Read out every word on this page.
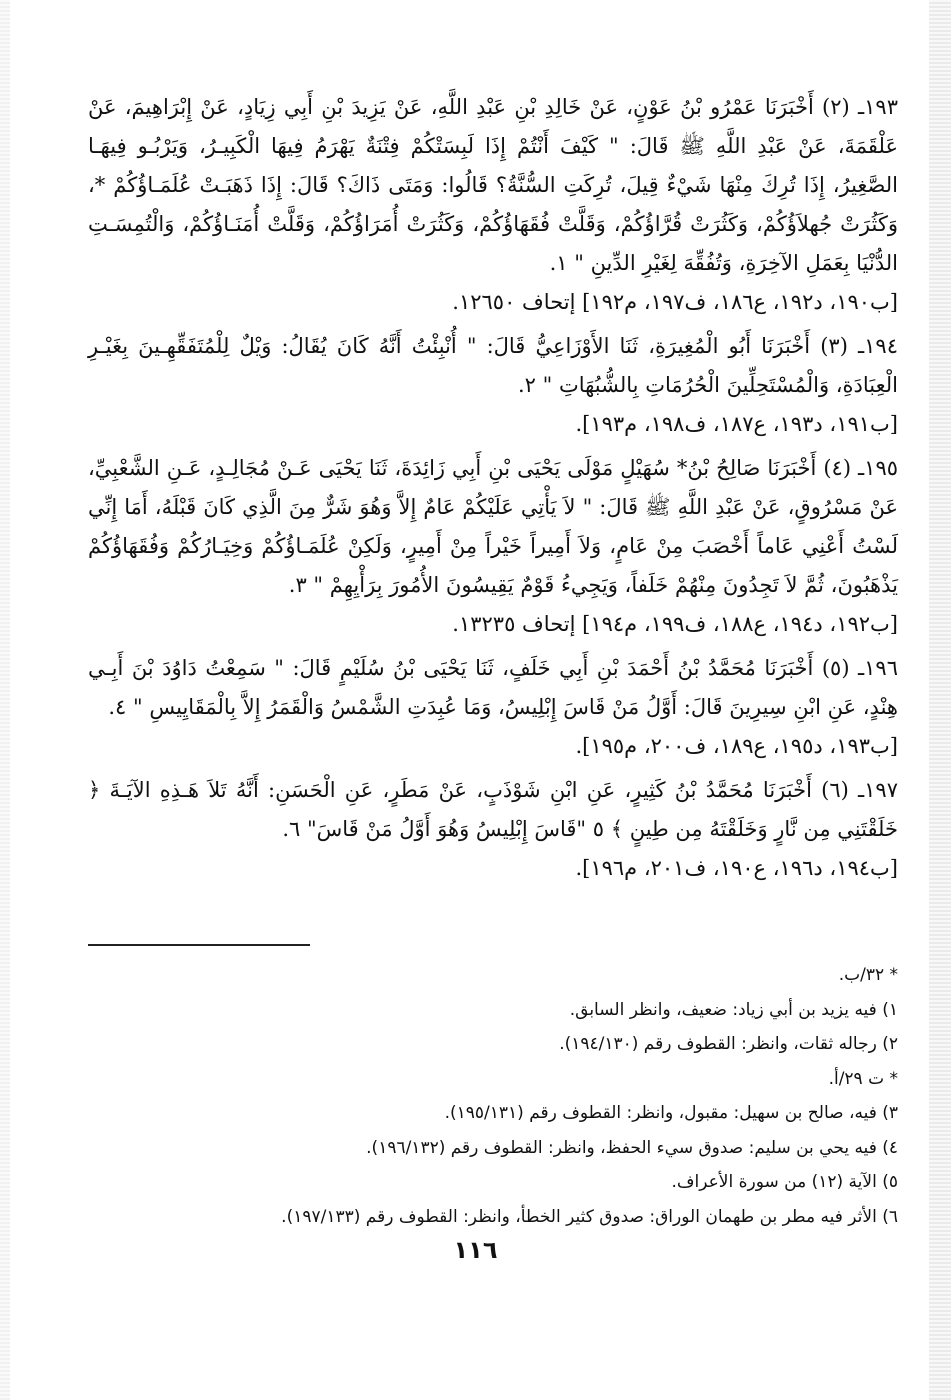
١٩٣ـ (٢) أَخْبَرَنَا عَمْرُو بْنُ عَوْنٍ، عَنْ خَالِدِ بْنِ عَبْدِ اللَّهِ، عَنْ يَزِيدَ بْنِ أَبِي زِيَادٍ، عَنْ إِبْرَاهِيمَ، عَنْ عَلْقَمَةَ، عَنْ عَبْدِ اللَّهِ ﷺ قَالَ: " كَيْفَ أَنْتُمْ إِذَا لَبِسَتْكُمْ فِتْنَةٌ يَهْرَمُ فِيهَا الْكَبِيـرُ، وَيَرْبُـو فِيهَـا الصَّغِيرُ، إِذَا تُرِكَ مِنْهَا شَيْءٌ قِيلَ، تُرِكَتِ السُّنَّةُ؟ قَالُوا: وَمَتَى ذَاكَ؟ قَالَ: إِذَا ذَهَبَـتْ عُلَمَـاؤُكُمْ *، وَكَثُرَتْ جُهلاَؤُكُمْ، وَكَثُرَتْ قُرَّاؤُكُمْ، وَقَلَّتْ فُقَهَاؤُكُمْ، وَكَثُرَتْ أُمَرَاؤُكُمْ، وَقَلَّتْ أُمَنَـاؤُكُمْ، وَالْتُمِسَـتِ الدُّنْيَا بِعَمَلِ الآخِرَةِ، وَتُفُقِّهَ لِغَيْرِ الدِّينِ " ١.

[ب١٩٠، د١٩٢، ع١٨٦، ف١٩٧، م١٩٢] إتحاف ١٢٦٥٠.

١٩٤ـ (٣) أَخْبَرَنَا أَبُو الْمُغِيرَةِ، ثَنَا الأَوْزَاعِيُّ قَالَ: " أُنْبِئْتُ أَنَّهُ كَانَ يُقَالُ: وَيْلٌ لِلْمُتَفَقِّهِـينَ بِغَيْـرِ الْعِبَادَةِ، وَالْمُسْتَحِلِّينَ الْحُرُمَاتِ بِالشُّبُهَاتِ " ٢.

[ب١٩١، د١٩٣، ع١٨٧، ف١٩٨، م١٩٣].

١٩٥ـ (٤) أَخْبَرَنَا صَالِحُ بْنُ* سُهَيْلٍ مَوْلَى يَحْيَى بْنِ أَبِي زَائِدَةَ، ثَنَا يَحْيَى عَـنْ مُجَالِـدٍ، عَـنِ الشَّعْبِيِّ، عَنْ مَسْرُوقٍ، عَنْ عَبْدِ اللَّهِ ﷺ قَالَ: " لاَ يَأْتِي عَلَيْكُمْ عَامٌ إِلاَّ وَهُوَ شَرٌّ مِنَ الَّذِي كَانَ قَبْلَهُ، أَمَا إِنِّي لَسْتُ أَعْنِي عَاماً أَخْصَبَ مِنْ عَامٍ، وَلاَ أَمِيراً خَيْراً مِنْ أَمِيرٍ، وَلَكِنْ عُلَمَـاؤُكُمْ وَخِيَـارُكُمْ وَفُقَهَاؤُكُمْ يَذْهَبُونَ، ثُمَّ لاَ تَجِدُونَ مِنْهُمْ خَلَفاً، وَيَجِيءُ قَوْمٌ يَقِيسُونَ الأُمُورَ بِرَأْيِهِمْ " ٣.

[ب١٩٢، د١٩٤، ع١٨٨، ف١٩٩، م١٩٤] إتحاف ١٣٢٣٥.

١٩٦ـ (٥) أَخْبَرَنَا مُحَمَّدُ بْنُ أَحْمَدَ بْنِ أَبِي خَلَفٍ، ثَنَا يَحْيَى بْنُ سُلَيْمٍ قَالَ: " سَمِعْتُ دَاوُدَ بْنَ أَبِـي هِنْدٍ، عَنِ ابْنِ سِيرِينَ قَالَ: أَوَّلُ مَنْ قَاسَ إِبْلِيسُ، وَمَا عُبِدَتِ الشَّمْسُ وَالْقَمَرُ إِلاَّ بِالْمَقَايِيسِ " ٤.

[ب١٩٣، د١٩٥، ع١٨٩، ف٢٠٠، م١٩٥].

١٩٧ـ (٦) أَخْبَرَنَا مُحَمَّدُ بْنُ كَثِيرٍ، عَنِ ابْنِ شَوْذَبٍ، عَنْ مَطَرٍ، عَنِ الْحَسَنِ: أَنَّهُ تَلاَ هَـذِهِ الآيَـةَ ﴿ خَلَقْتَنِي مِن نَّارٍ وَخَلَقْتَهُ مِن طِينٍ ﴾ ٥ "قَاسَ إِبْلِيسُ وَهُوَ أَوَّلُ مَنْ قَاسَ" ٦.

[ب١٩٤، د١٩٦، ع١٩٠، ف٢٠١، م١٩٦].

* ٣٢/ب.

١) فيه يزيد بن أبي زياد: ضعيف، وانظر السابق.

٢) رجاله ثقات، وانظر: القطوف رقم (١٩٤/١٣٠).

* ت ٢٩/أ.

٣) فيه، صالح بن سهيل: مقبول، وانظر: القطوف رقم (١٩٥/١٣١).

٤) فيه يحي بن سليم: صدوق سيء الحفظ، وانظر: القطوف رقم (١٩٦/١٣٢).

٥) الآية (١٢) من سورة الأعراف.

٦) الأثر فيه مطر بن طهمان الوراق: صدوق كثير الخطأ، وانظر: القطوف رقم (١٩٧/١٣٣).

١١٦
